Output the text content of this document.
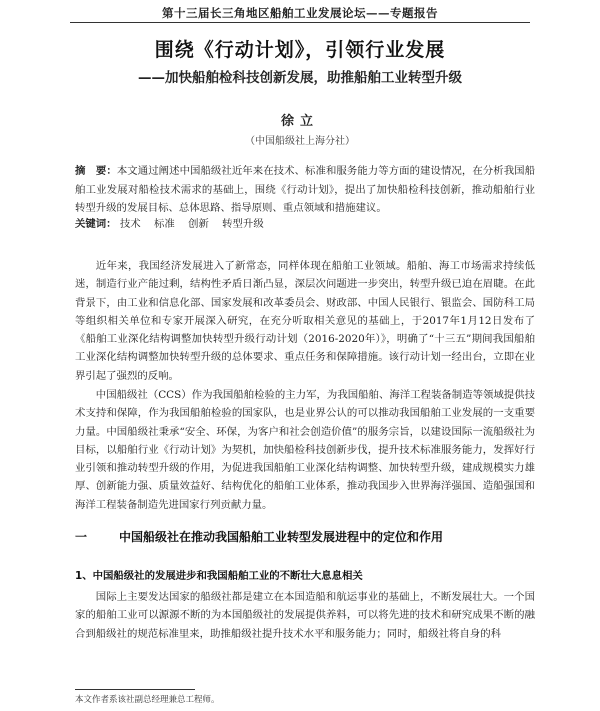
第十三届长三角地区船舶工业发展论坛——专题报告
围绕《行动计划》，引领行业发展
——加快船舶检科技创新发展，助推船舶工业转型升级
徐立
（中国船级社上海分社）
摘　要：本文通过阐述中国船级社近年来在技术、标准和服务能力等方面的建设情况，在分析我国船舶工业发展对船检技术需求的基础上，围绕《行动计划》，提出了加快船检科技创新，推动船舶行业转型升级的发展目标、总体思路、指导原则、重点领域和措施建议。
关键词： 技术 标准 创新 转型升级

近年来，我国经济发展进入了新常态，同样体现在船舶工业领域。船舶、海工市场需求持续低迷，制造行业产能过剩，结构性矛盾日渐凸显，深层次问题进一步突出，转型升级已迫在眉睫。在此背景下，由工业和信息化部、国家发展和改革委员会、财政部、中国人民银行、银监会、国防科工局等组织相关单位和专家开展深入研究，在充分听取相关意见的基础上，于2017年1月12日发布了《船舶工业深化结构调整加快转型升级行动计划（2016-2020年）》，明确了“十三五”期间我国船舶工业深化结构调整加快转型升级的总体要求、重点任务和保障措施。该行动计划一经出台，立即在业界引起了强烈的反响。

中国船级社（CCS）作为我国船舶检验的主力军，为我国船舶、海洋工程装备制造等领域提供技术支持和保障，作为我国船舶检验的国家队，也是业界公认的可以推动我国船舶工业发展的一支重要力量。中国船级社秉承“安全、环保，为客户和社会创造价值”的服务宗旨，以建设国际一流船级社为目标，以船舶行业《行动计划》为契机，加快船检科技创新步伐，提升技术标准服务能力，发挥好行业引领和推动转型升级的作用，为促进我国船舶工业深化结构调整、加快转型升级，建成规模实力雄厚、创新能力强、质量效益好、结构优化的船舶工业体系，推动我国步入世界海洋强国、造船强国和海洋工程装备制造先进国家行列贡献力量。

一	中国船级社在推动我国船舶工业转型发展进程中的定位和作用
1、中国船级社的发展进步和我国船舶工业的不断壮大息息相关

国际上主要发达国家的船级社都是建立在本国造船和航运事业的基础上，不断发展壮大。一个国家的船舶工业可以源源不断的为本国船级社的发展提供养料，可以将先进的技术和研究成果不断的融合到船级社的规范标准里来，助推船级社提升技术水平和服务能力；同时，船级社将自身的科

本文作者系该社副总经理兼总工程师。
